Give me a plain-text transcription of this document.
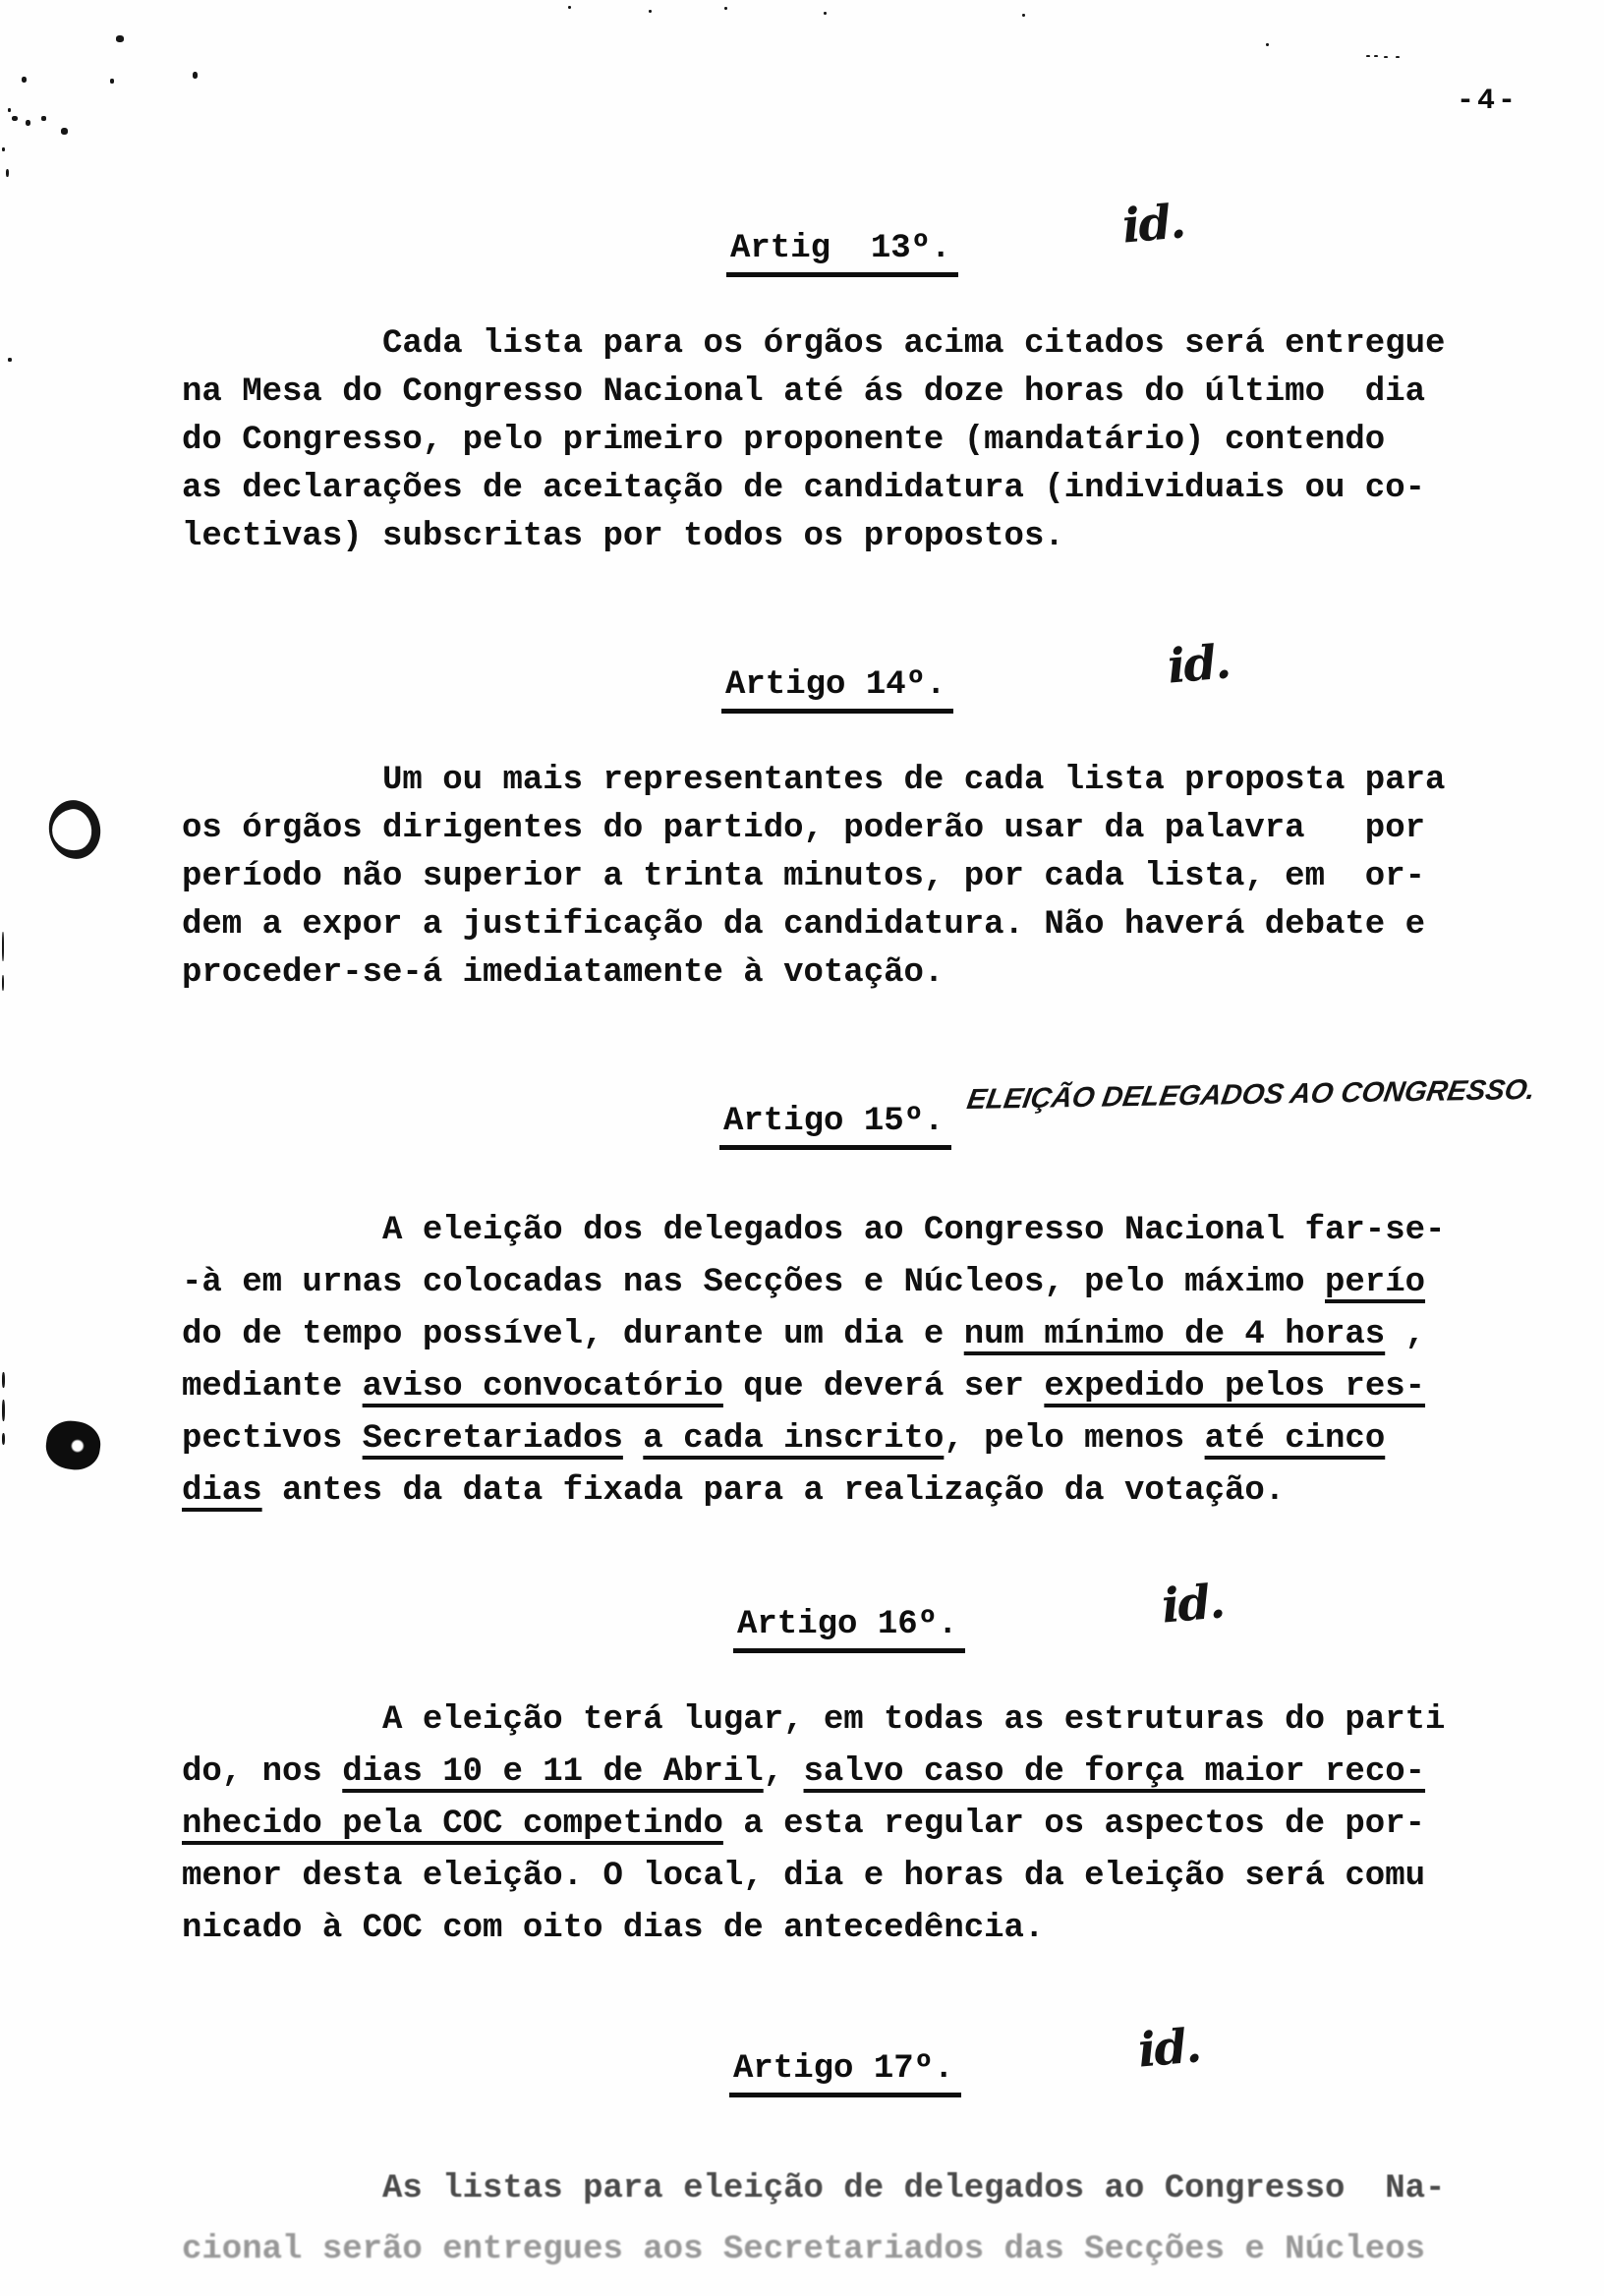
-4-
Artig  13º.	id.
Cada lista para os órgãos acima citados será entregue
na Mesa do Congresso Nacional até ás doze horas do último  dia
do Congresso, pelo primeiro proponente (mandatário) contendo
as declarações de aceitação de candidatura (individuais ou co-
lectivas) subscritas por todos os propostos.
Artigo 14º.	id.
Um ou mais representantes de cada lista proposta para
os órgãos dirigentes do partido, poderão usar da palavra   por
período não superior a trinta minutos, por cada lista, em  or-
dem a expor a justificação da candidatura. Não haverá debate e
proceder-se-á imediatamente à votação.
Artigo 15º.
ELEIÇÃO DELEGADOS AO CONGRESSO.
A eleição dos delegados ao Congresso Nacional far-se-
-à em urnas colocadas nas Secções e Núcleos, pelo máximo perío
do de tempo possível, durante um dia e num mínimo de 4 horas ,
mediante aviso convocatório que deverá ser expedido pelos res-
pectivos Secretariados a cada inscrito, pelo menos até cinco
dias antes da data fixada para a realização da votação.
Artigo 16º.	id.
A eleição terá lugar, em todas as estruturas do parti
do, nos dias 10 e 11 de Abril, salvo caso de força maior reco-
nhecido pela COC competindo a esta regular os aspectos de por-
menor desta eleição. O local, dia e horas da eleição será comu
nicado à COC com oito dias de antecedência.
Artigo 17º.	id.
As listas para eleição de delegados ao Congresso  Na-
cional serão entregues aos Secretariados das Secções e Núcleos
